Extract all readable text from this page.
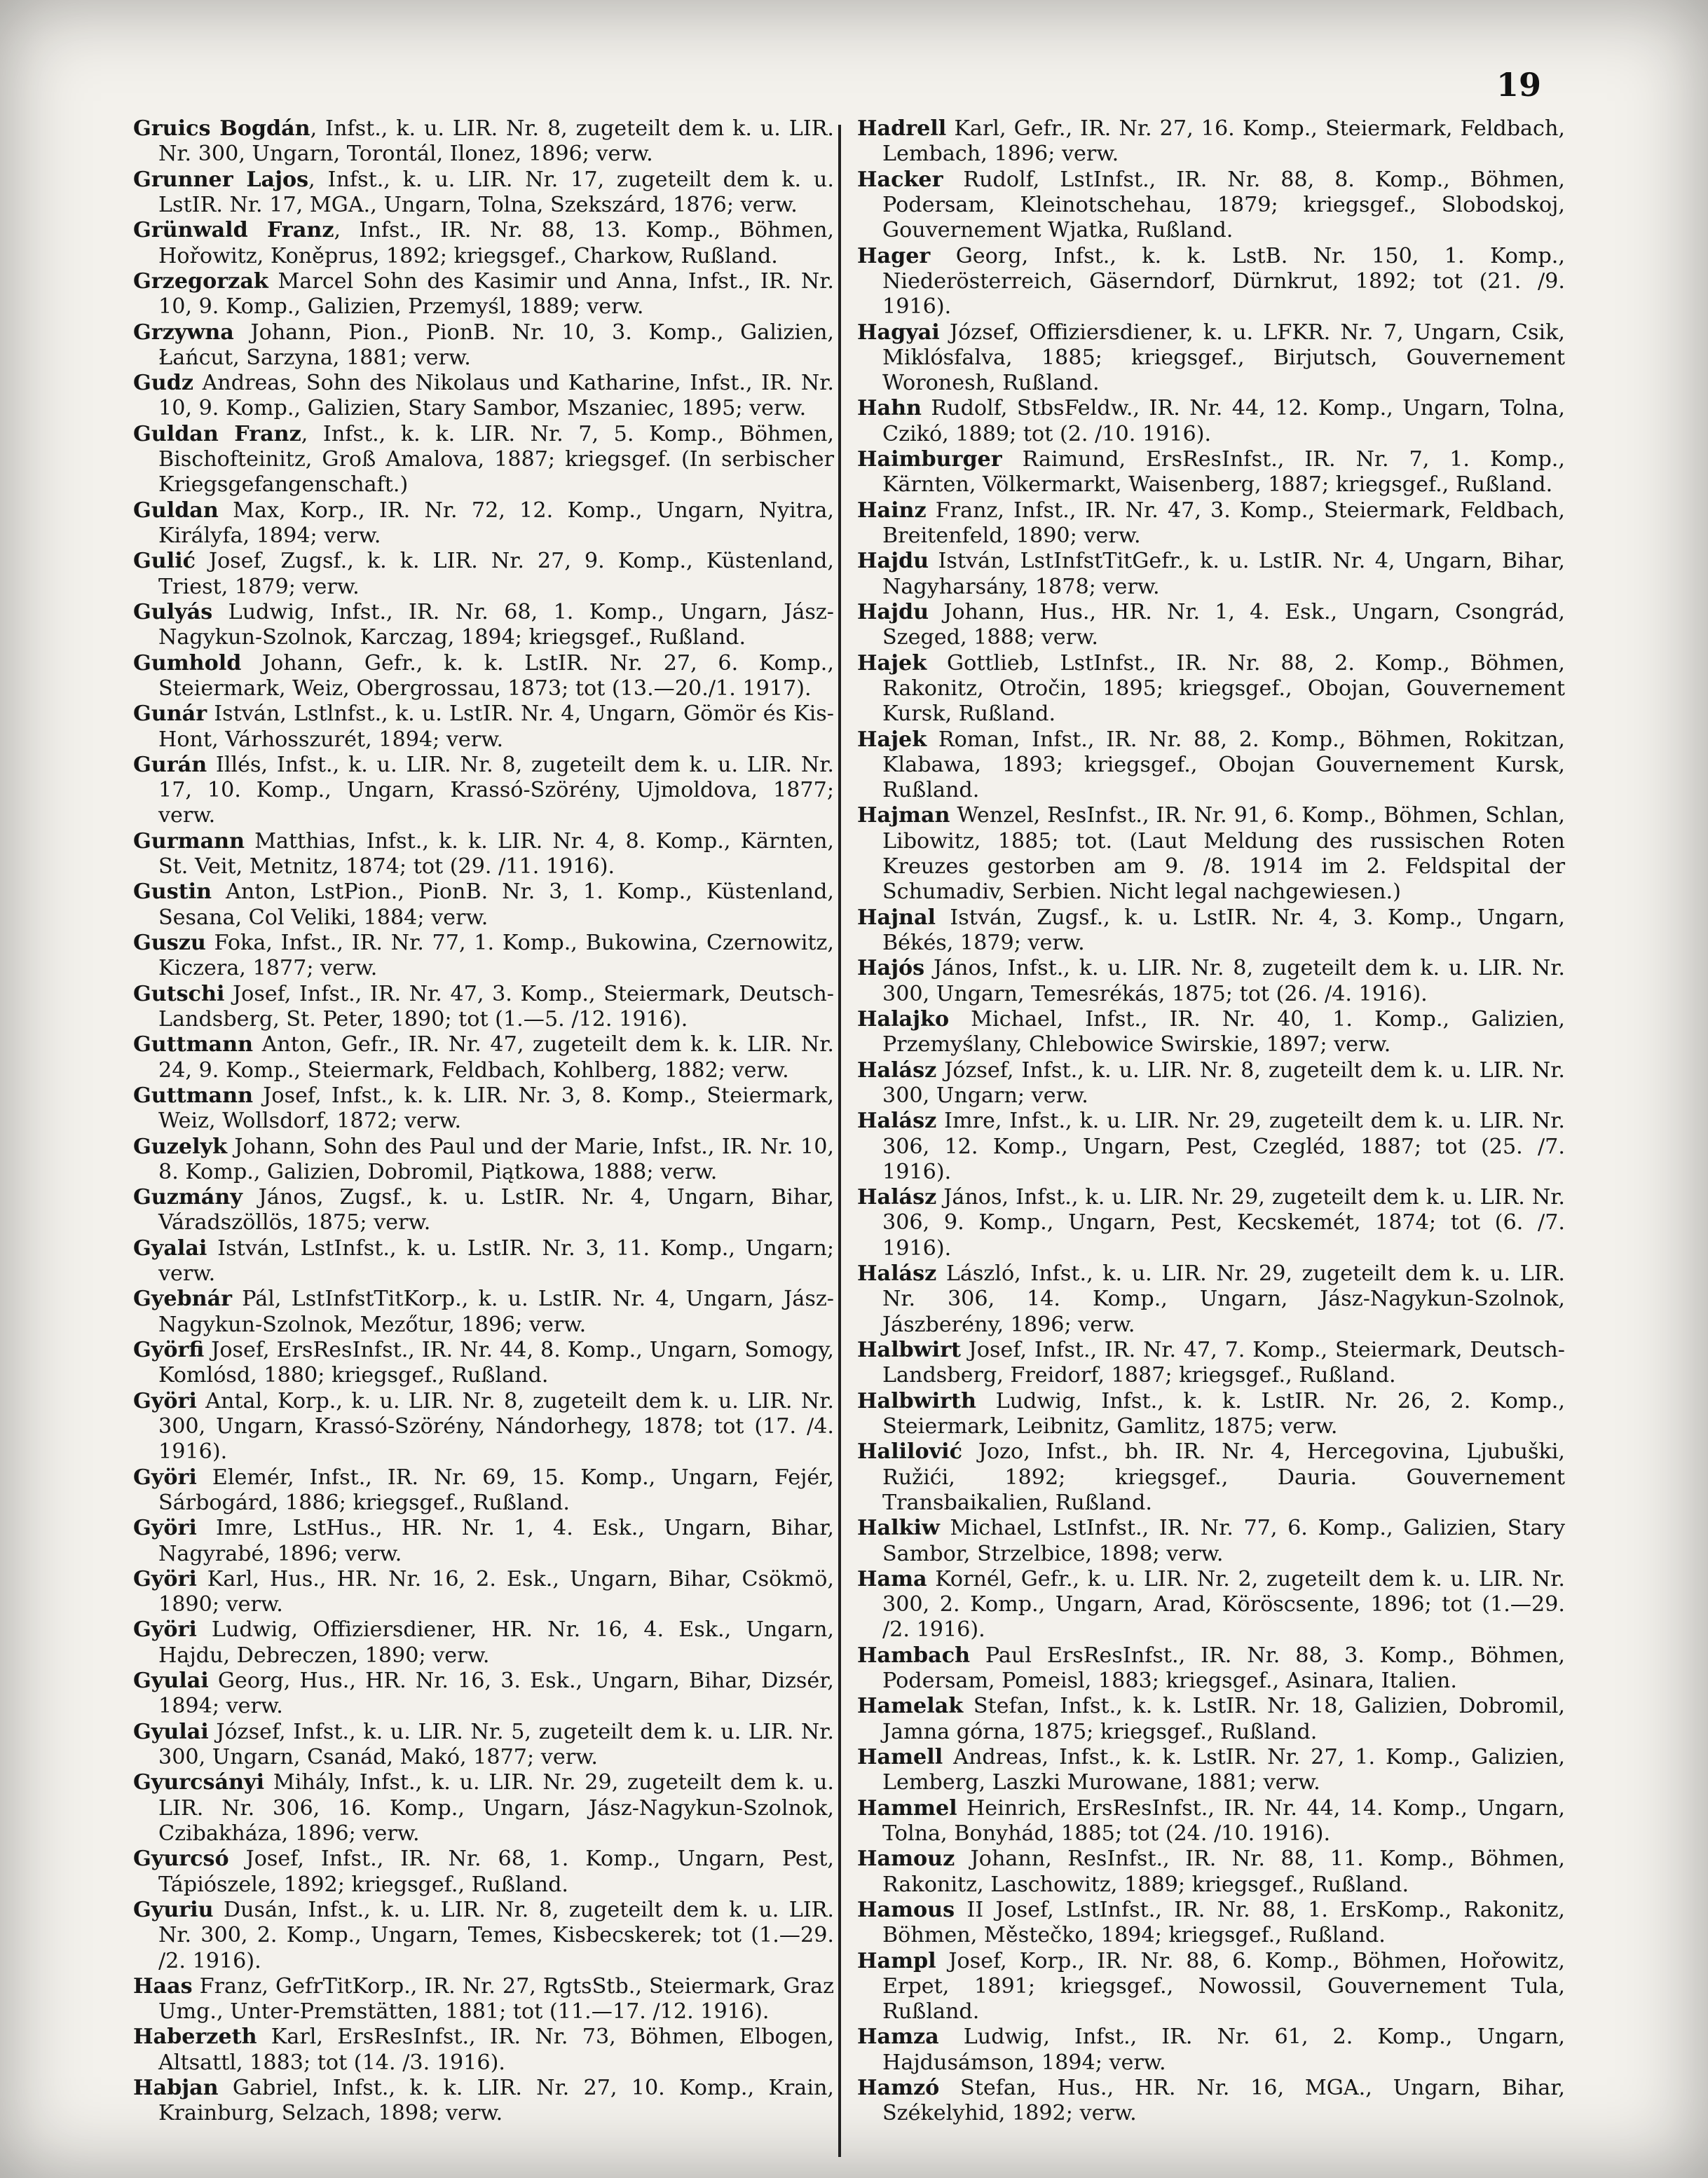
19
Gruics Bogdán, Infst., k. u. LIR. Nr. 8, zugeteilt dem k. u. LIR. Nr. 300, Ungarn, Torontál, Ilonez, 1896; verw.
Grunner Lajos, Infst., k. u. LIR. Nr. 17, zugeteilt dem k. u. LstIR. Nr. 17, MGA., Ungarn, Tolna, Szekszárd, 1876; verw.
Grünwald Franz, Infst., IR. Nr. 88, 13. Komp., Böhmen, Hořowitz, Koněprus, 1892; kriegsgef., Charkow, Rußland.
Grzegorzak Marcel Sohn des Kasimir und Anna, Infst., IR. Nr. 10, 9. Komp., Galizien, Przemyśl, 1889; verw.
Grzywna Johann, Pion., PionB. Nr. 10, 3. Komp., Galizien, Łańcut, Sarzyna, 1881; verw.
Gudz Andreas, Sohn des Nikolaus und Katharine, Infst., IR. Nr. 10, 9. Komp., Galizien, Stary Sambor, Mszaniec, 1895; verw.
Guldan Franz, Infst., k. k. LIR. Nr. 7, 5. Komp., Böhmen, Bischofteinitz, Groß Amalova, 1887; kriegsgef. (In serbischer Kriegsgefangenschaft.)
Guldan Max, Korp., IR. Nr. 72, 12. Komp., Ungarn, Nyitra, Királyfa, 1894; verw.
Gulić Josef, Zugsf., k. k. LIR. Nr. 27, 9. Komp., Küstenland, Triest, 1879; verw.
Gulyás Ludwig, Infst., IR. Nr. 68, 1. Komp., Ungarn, Jász-Nagykun-Szolnok, Karczag, 1894; kriegsgef., Rußland.
Gumhold Johann, Gefr., k. k. LstIR. Nr. 27, 6. Komp., Steiermark, Weiz, Obergrossau, 1873; tot (13.—20./1. 1917).
Gunár István, Lstlnfst., k. u. LstIR. Nr. 4, Ungarn, Gömör és Kis-Hont, Várhosszurét, 1894; verw.
Gurán Illés, Infst., k. u. LIR. Nr. 8, zugeteilt dem k. u. LIR. Nr. 17, 10. Komp., Ungarn, Krassó-Szörény, Ujmoldova, 1877; verw.
Gurmann Matthias, Infst., k. k. LIR. Nr. 4, 8. Komp., Kärnten, St. Veit, Metnitz, 1874; tot (29. /11. 1916).
Gustin Anton, LstPion., PionB. Nr. 3, 1. Komp., Küstenland, Sesana, Col Veliki, 1884; verw.
Guszu Foka, Infst., IR. Nr. 77, 1. Komp., Bukowina, Czernowitz, Kiczera, 1877; verw.
Gutschi Josef, Infst., IR. Nr. 47, 3. Komp., Steiermark, Deutsch-Landsberg, St. Peter, 1890; tot (1.—5. /12. 1916).
Guttmann Anton, Gefr., IR. Nr. 47, zugeteilt dem k. k. LIR. Nr. 24, 9. Komp., Steiermark, Feldbach, Kohlberg, 1882; verw.
Guttmann Josef, Infst., k. k. LIR. Nr. 3, 8. Komp., Steiermark, Weiz, Wollsdorf, 1872; verw.
Guzelyk Johann, Sohn des Paul und der Marie, Infst., IR. Nr. 10, 8. Komp., Galizien, Dobromil, Piątkowa, 1888; verw.
Guzmány János, Zugsf., k. u. LstIR. Nr. 4, Ungarn, Bihar, Váradszöllös, 1875; verw.
Gyalai István, LstInfst., k. u. LstIR. Nr. 3, 11. Komp., Ungarn; verw.
Gyebnár Pál, LstInfstTitKorp., k. u. LstIR. Nr. 4, Ungarn, Jász-Nagykun-Szolnok, Mezőtur, 1896; verw.
Györfi Josef, ErsResInfst., IR. Nr. 44, 8. Komp., Ungarn, Somogy, Komlósd, 1880; kriegsgef., Rußland.
Györi Antal, Korp., k. u. LIR. Nr. 8, zugeteilt dem k. u. LIR. Nr. 300, Ungarn, Krassó-Szörény, Nándorhegy, 1878; tot (17. /4. 1916).
Györi Elemér, Infst., IR. Nr. 69, 15. Komp., Ungarn, Fejér, Sárbogárd, 1886; kriegsgef., Rußland.
Györi Imre, LstHus., HR. Nr. 1, 4. Esk., Ungarn, Bihar, Nagyrabé, 1896; verw.
Györi Karl, Hus., HR. Nr. 16, 2. Esk., Ungarn, Bihar, Csökmö, 1890; verw.
Györi Ludwig, Offiziersdiener, HR. Nr. 16, 4. Esk., Ungarn, Hajdu, Debreczen, 1890; verw.
Gyulai Georg, Hus., HR. Nr. 16, 3. Esk., Ungarn, Bihar, Dizsér, 1894; verw.
Gyulai József, Infst., k. u. LIR. Nr. 5, zugeteilt dem k. u. LIR. Nr. 300, Ungarn, Csanád, Makó, 1877; verw.
Gyurcsányi Mihály, Infst., k. u. LIR. Nr. 29, zugeteilt dem k. u. LIR. Nr. 306, 16. Komp., Ungarn, Jász-Nagykun-Szolnok, Czibakháza, 1896; verw.
Gyurcsó Josef, Infst., IR. Nr. 68, 1. Komp., Ungarn, Pest, Tápiószele, 1892; kriegsgef., Rußland.
Gyuriu Dusán, Infst., k. u. LIR. Nr. 8, zugeteilt dem k. u. LIR. Nr. 300, 2. Komp., Ungarn, Temes, Kisbecskerek; tot (1.—29. /2. 1916).
Haas Franz, GefrTitKorp., IR. Nr. 27, RgtsStb., Steiermark, Graz Umg., Unter-Premstätten, 1881; tot (11.—17. /12. 1916).
Haberzeth Karl, ErsResInfst., IR. Nr. 73, Böhmen, Elbogen, Altsattl, 1883; tot (14. /3. 1916).
Habjan Gabriel, Infst., k. k. LIR. Nr. 27, 10. Komp., Krain, Krainburg, Selzach, 1898; verw.
Hadrell Karl, Gefr., IR. Nr. 27, 16. Komp., Steiermark, Feldbach, Lembach, 1896; verw.
Hacker Rudolf, LstInfst., IR. Nr. 88, 8. Komp., Böhmen, Podersam, Kleinotschehau, 1879; kriegsgef., Slobodskoj, Gouvernement Wjatka, Rußland.
Hager Georg, Infst., k. k. LstB. Nr. 150, 1. Komp., Niederösterreich, Gäserndorf, Dürnkrut, 1892; tot (21. /9. 1916).
Hagyai József, Offiziersdiener, k. u. LFKR. Nr. 7, Ungarn, Csik, Miklósfalva, 1885; kriegsgef., Birjutsch, Gouvernement Woronesh, Rußland.
Hahn Rudolf, StbsFeldw., IR. Nr. 44, 12. Komp., Ungarn, Tolna, Czikó, 1889; tot (2. /10. 1916).
Haimburger Raimund, ErsResInfst., IR. Nr. 7, 1. Komp., Kärnten, Völkermarkt, Waisenberg, 1887; kriegsgef., Rußland.
Hainz Franz, Infst., IR. Nr. 47, 3. Komp., Steiermark, Feldbach, Breitenfeld, 1890; verw.
Hajdu István, LstInfstTitGefr., k. u. LstIR. Nr. 4, Ungarn, Bihar, Nagyharsány, 1878; verw.
Hajdu Johann, Hus., HR. Nr. 1, 4. Esk., Ungarn, Csongrád, Szeged, 1888; verw.
Hajek Gottlieb, LstInfst., IR. Nr. 88, 2. Komp., Böhmen, Rakonitz, Otročin, 1895; kriegsgef., Obojan, Gouvernement Kursk, Rußland.
Hajek Roman, Infst., IR. Nr. 88, 2. Komp., Böhmen, Rokitzan, Klabawa, 1893; kriegsgef., Obojan Gouvernement Kursk, Rußland.
Hajman Wenzel, ResInfst., IR. Nr. 91, 6. Komp., Böhmen, Schlan, Libowitz, 1885; tot. (Laut Meldung des russischen Roten Kreuzes gestorben am 9. /8. 1914 im 2. Feldspital der Schumadiv, Serbien. Nicht legal nachgewiesen.)
Hajnal István, Zugsf., k. u. LstIR. Nr. 4, 3. Komp., Ungarn, Békés, 1879; verw.
Hajós János, Infst., k. u. LIR. Nr. 8, zugeteilt dem k. u. LIR. Nr. 300, Ungarn, Temesrékás, 1875; tot (26. /4. 1916).
Halajko Michael, Infst., IR. Nr. 40, 1. Komp., Galizien, Przemyślany, Chlebowice Swirskie, 1897; verw.
Halász József, Infst., k. u. LIR. Nr. 8, zugeteilt dem k. u. LIR. Nr. 300, Ungarn; verw.
Halász Imre, Infst., k. u. LIR. Nr. 29, zugeteilt dem k. u. LIR. Nr. 306, 12. Komp., Ungarn, Pest, Czegléd, 1887; tot (25. /7. 1916).
Halász János, Infst., k. u. LIR. Nr. 29, zugeteilt dem k. u. LIR. Nr. 306, 9. Komp., Ungarn, Pest, Kecskemét, 1874; tot (6. /7. 1916).
Halász László, Infst., k. u. LIR. Nr. 29, zugeteilt dem k. u. LIR. Nr. 306, 14. Komp., Ungarn, Jász-Nagykun-Szolnok, Jászberény, 1896; verw.
Halbwirt Josef, Infst., IR. Nr. 47, 7. Komp., Steiermark, Deutsch-Landsberg, Freidorf, 1887; kriegsgef., Rußland.
Halbwirth Ludwig, Infst., k. k. LstIR. Nr. 26, 2. Komp., Steiermark, Leibnitz, Gamlitz, 1875; verw.
Halilović Jozo, Infst., bh. IR. Nr. 4, Hercegovina, Ljubuški, Ružići, 1892; kriegsgef., Dauria. Gouvernement Transbaikalien, Rußland.
Halkiw Michael, LstInfst., IR. Nr. 77, 6. Komp., Galizien, Stary Sambor, Strzelbice, 1898; verw.
Hama Kornél, Gefr., k. u. LIR. Nr. 2, zugeteilt dem k. u. LIR. Nr. 300, 2. Komp., Ungarn, Arad, Köröscsente, 1896; tot (1.—29. /2. 1916).
Hambach Paul ErsResInfst., IR. Nr. 88, 3. Komp., Böhmen, Podersam, Pomeisl, 1883; kriegsgef., Asinara, Italien.
Hamelak Stefan, Infst., k. k. LstIR. Nr. 18, Galizien, Dobromil, Jamna górna, 1875; kriegsgef., Rußland.
Hamell Andreas, Infst., k. k. LstIR. Nr. 27, 1. Komp., Galizien, Lemberg, Laszki Murowane, 1881; verw.
Hammel Heinrich, ErsResInfst., IR. Nr. 44, 14. Komp., Ungarn, Tolna, Bonyhád, 1885; tot (24. /10. 1916).
Hamouz Johann, ResInfst., IR. Nr. 88, 11. Komp., Böhmen, Rakonitz, Laschowitz, 1889; kriegsgef., Rußland.
Hamous II Josef, LstInfst., IR. Nr. 88, 1. ErsKomp., Rakonitz, Böhmen, Městečko, 1894; kriegsgef., Rußland.
Hampl Josef, Korp., IR. Nr. 88, 6. Komp., Böhmen, Hořowitz, Erpet, 1891; kriegsgef., Nowossil, Gouvernement Tula, Rußland.
Hamza Ludwig, Infst., IR. Nr. 61, 2. Komp., Ungarn, Hajdusámson, 1894; verw.
Hamzó Stefan, Hus., HR. Nr. 16, MGA., Ungarn, Bihar, Székelyhid, 1892; verw.
